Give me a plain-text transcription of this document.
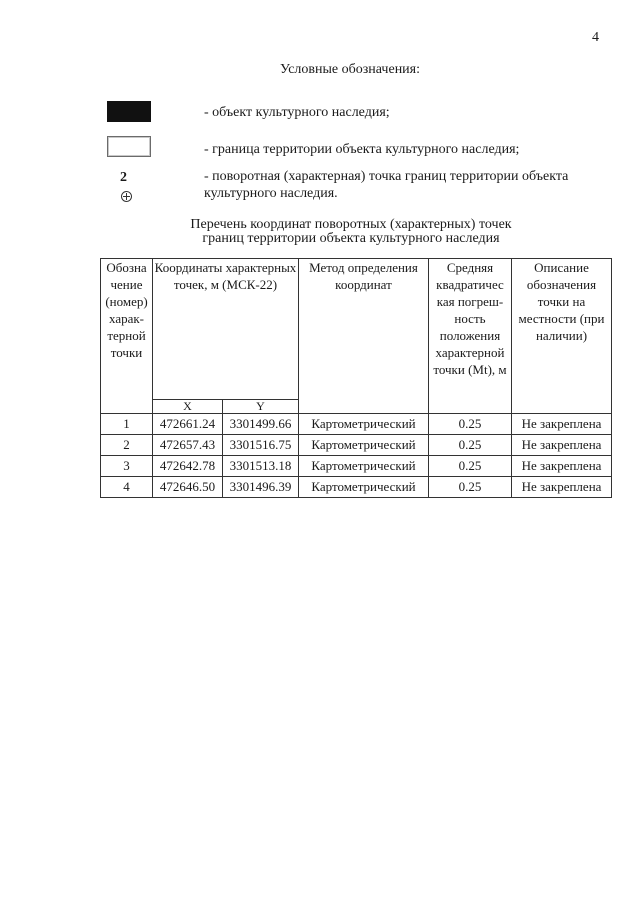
4
Условные обозначения:
- объект культурного наследия;
- граница территории объекта культурного наследия;
2	- поворотная (характерная) точка границ территории объекта культурного наследия.
Перечень координат поворотных (характерных) точек
границ территории объекта культурного наследия
Обозна чение (номер) харак- терной точки	Координаты характерных точек, м (МСК-22)		Метод определения координат	Средняя квадратичес кая погреш- ность положения характерной точки (Mt), м	Описание обозначения точки на местности (при наличии)
	X	Y			
1	472661.24	3301499.66	Картометрический	0.25	Не закреплена
2	472657.43	3301516.75	Картометрический	0.25	Не закреплена
3	472642.78	3301513.18	Картометрический	0.25	Не закреплена
4	472646.50	3301496.39	Картометрический	0.25	Не закреплена
